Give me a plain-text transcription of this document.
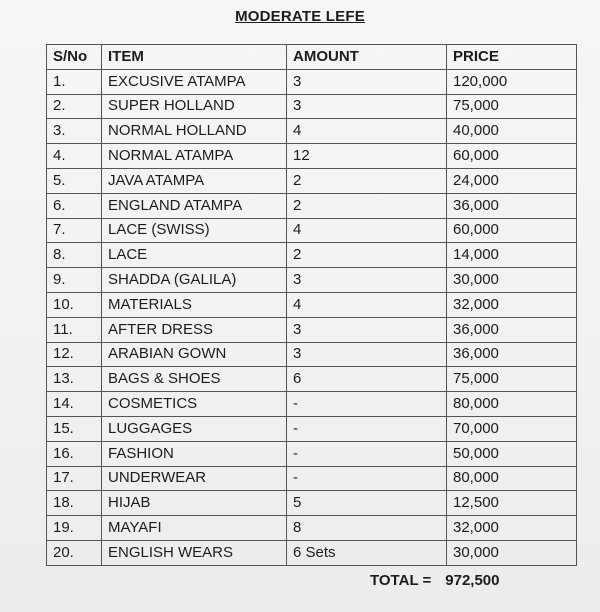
MODERATE LEFE
S/No	ITEM	AMOUNT	PRICE
1.	EXCUSIVE ATAMPA	3	120,000
2.	SUPER HOLLAND	3	75,000
3.	NORMAL HOLLAND	4	40,000
4.	NORMAL ATAMPA	12	60,000
5.	JAVA ATAMPA	2	24,000
6.	ENGLAND ATAMPA	2	36,000
7.	LACE (SWISS)	4	60,000
8.	LACE	2	14,000
9.	SHADDA (GALILA)	3	30,000
10.	MATERIALS	4	32,000
11.	AFTER DRESS	3	36,000
12.	ARABIAN GOWN	3	36,000
13.	BAGS & SHOES	6	75,000
14.	COSMETICS	-	80,000
15.	LUGGAGES	-	70,000
16.	FASHION	-	50,000
17.	UNDERWEAR	-	80,000
18.	HIJAB	5	12,500
19.	MAYAFI	8	32,000
20.	ENGLISH WEARS	6 Sets	30,000
TOTAL = 972,500
